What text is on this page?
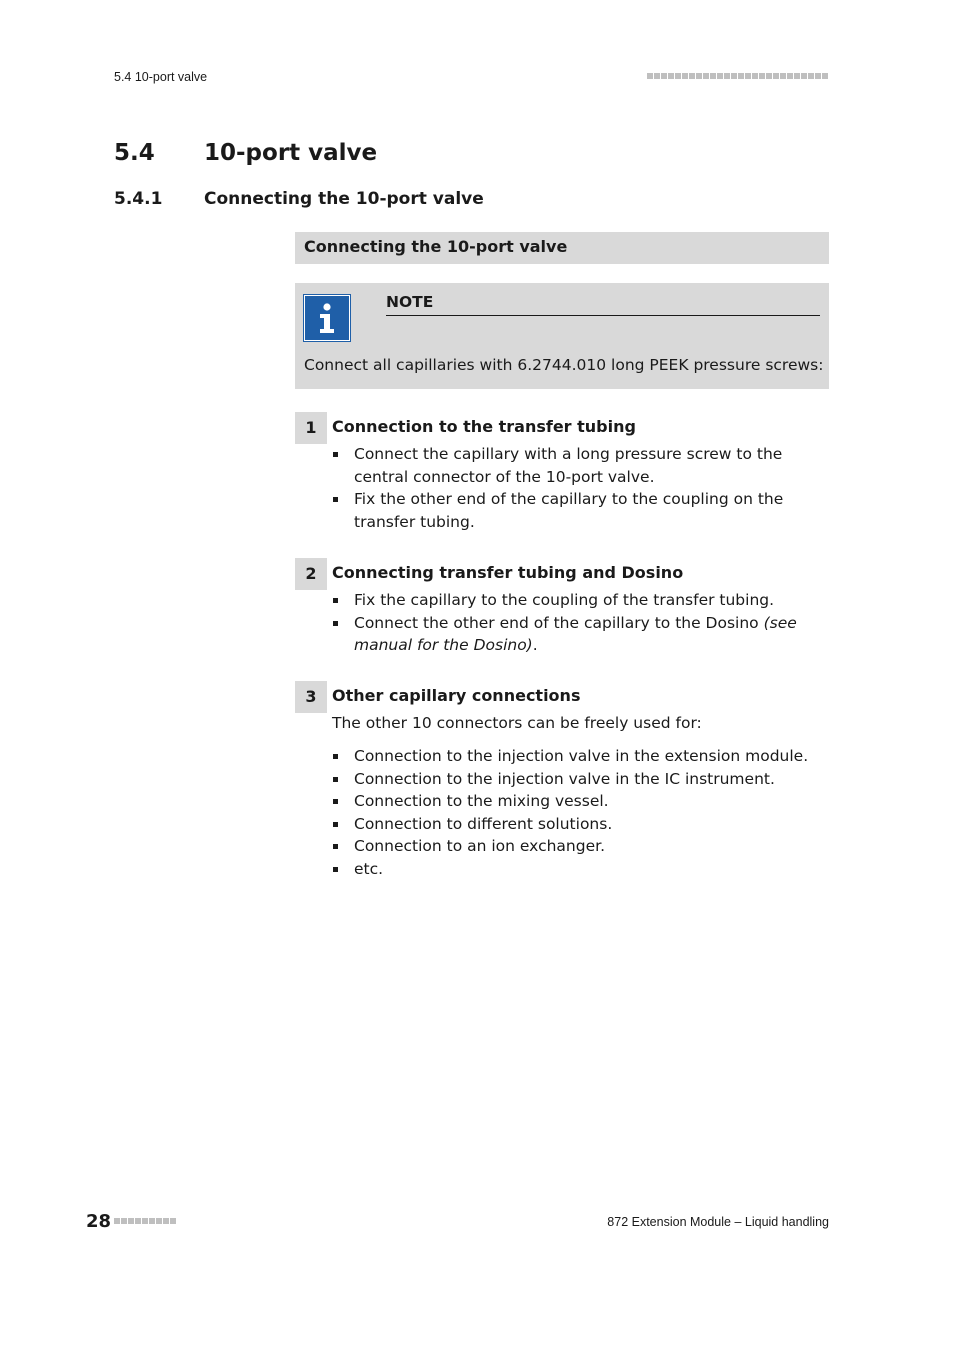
5.4 10-port valve
5.4 10-port valve
5.4.1 Connecting the 10-port valve
Connecting the 10-port valve
NOTE
Connect all capillaries with 6.2744.010 long PEEK pressure screws:
1 Connection to the transfer tubing
Connect the capillary with a long pressure screw to the central connector of the 10-port valve.
Fix the other end of the capillary to the coupling on the transfer tubing.
2 Connecting transfer tubing and Dosino
Fix the capillary to the coupling of the transfer tubing.
Connect the other end of the capillary to the Dosino (see manual for the Dosino).
3 Other capillary connections
The other 10 connectors can be freely used for:
Connection to the injection valve in the extension module.
Connection to the injection valve in the IC instrument.
Connection to the mixing vessel.
Connection to different solutions.
Connection to an ion exchanger.
etc.
28	872 Extension Module – Liquid handling
